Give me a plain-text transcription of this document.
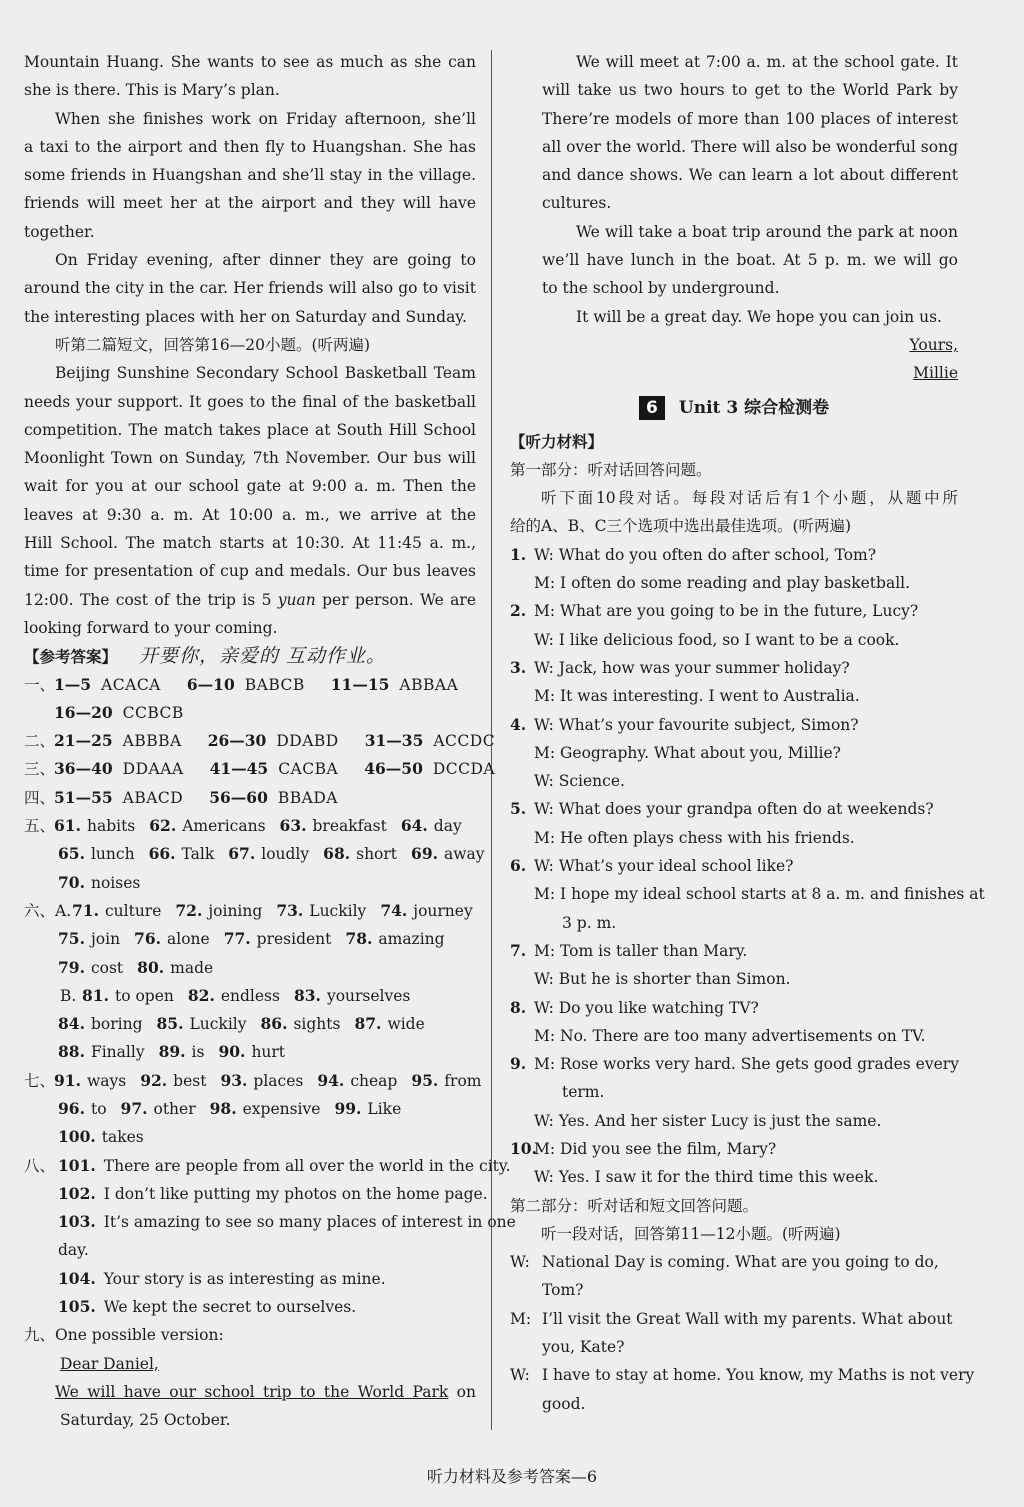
Mountain Huang. She wants to see as much as she can
she is there. This is Mary’s plan.
When she finishes work on Friday afternoon, she’ll
a taxi to the airport and then fly to Huangshan. She has
some friends in Huangshan and she’ll stay in the village.
friends will meet her at the airport and they will have
together.
On Friday evening, after dinner they are going to
around the city in the car. Her friends will also go to visit
the interesting places with her on Saturday and Sunday.
听第二篇短文，回答第16—20小题。(听两遍)
Beijing Sunshine Secondary School Basketball Team
needs your support. It goes to the final of the basketball
competition. The match takes place at South Hill School
Moonlight Town on Sunday, 7th November. Our bus will
wait for you at our school gate at 9:00 a. m. Then the
leaves at 9:30 a. m. At 10:00 a. m., we arrive at the
Hill School. The match starts at 10:30. At 11:45 a. m.,
time for presentation of cup and medals. Our bus leaves
12:00. The cost of the trip is 5 yuan per person. We are
looking forward to your coming.
【参考答案】 开要你，亲爱的 互动作业。
一、1—5 ACACA 6—10 BABCB 11—15 ABBAA
16—20 CCBCB
二、21—25 ABBBA 26—30 DDABD 31—35 ACCDC
三、36—40 DDAAA 41—45 CACBA 46—50 DCCDA
四、51—55 ABACD 56—60 BBADA
五、61. habits 62. Americans 63. breakfast 64. day
65. lunch 66. Talk 67. loudly 68. short 69. away
70. noises
六、A.71. culture 72. joining 73. Luckily 74. journey
75. join 76. alone 77. president 78. amazing
79. cost 80. made
B. 81. to open 82. endless 83. yourselves
84. boring 85. Luckily 86. sights 87. wide
88. Finally 89. is 90. hurt
七、91. ways 92. best 93. places 94. cheap 95. from
96. to 97. other 98. expensive 99. Like
100. takes
八、 101. There are people from all over the world in the city.
102. I don’t like putting my photos on the home page.
103. It’s amazing to see so many places of interest in one
day.
104. Your story is as interesting as mine.
105. We kept the secret to ourselves.
九、One possible version:
Dear Daniel,
We will have our school trip to the World Park on
Saturday, 25 October.
We will meet at 7:00 a. m. at the school gate. It
will take us two hours to get to the World Park by
There’re models of more than 100 places of interest
all over the world. There will also be wonderful song
and dance shows. We can learn a lot about different
cultures.
We will take a boat trip around the park at noon
we’ll have lunch in the boat. At 5 p. m. we will go
to the school by underground.
It will be a great day. We hope you can join us.
Yours,
Millie
6 Unit 3 综合检测卷
【听力材料】
第一部分：听对话回答问题。
听下面10段对话。每段对话后有1个小题，从题中所
给的A、B、C三个选项中选出最佳选项。(听两遍)
1. W: What do you often do after school, Tom?
M: I often do some reading and play basketball.
2. M: What are you going to be in the future, Lucy?
W: I like delicious food, so I want to be a cook.
3. W: Jack, how was your summer holiday?
M: It was interesting. I went to Australia.
4. W: What’s your favourite subject, Simon?
M: Geography. What about you, Millie?
W: Science.
5. W: What does your grandpa often do at weekends?
M: He often plays chess with his friends.
6. W: What’s your ideal school like?
M: I hope my ideal school starts at 8 a. m. and finishes at
3 p. m.
7. M: Tom is taller than Mary.
W: But he is shorter than Simon.
8. W: Do you like watching TV?
M: No. There are too many advertisements on TV.
9. M: Rose works very hard. She gets good grades every
term.
W: Yes. And her sister Lucy is just the same.
10.M: Did you see the film, Mary?
W: Yes. I saw it for the third time this week.
第二部分：听对话和短文回答问题。
听一段对话，回答第11—12小题。(听两遍)
W: National Day is coming. What are you going to do,
Tom?
M: I’ll visit the Great Wall with my parents. What about
you, Kate?
W: I have to stay at home. You know, my Maths is not very
good.
听力材料及参考答案—6
